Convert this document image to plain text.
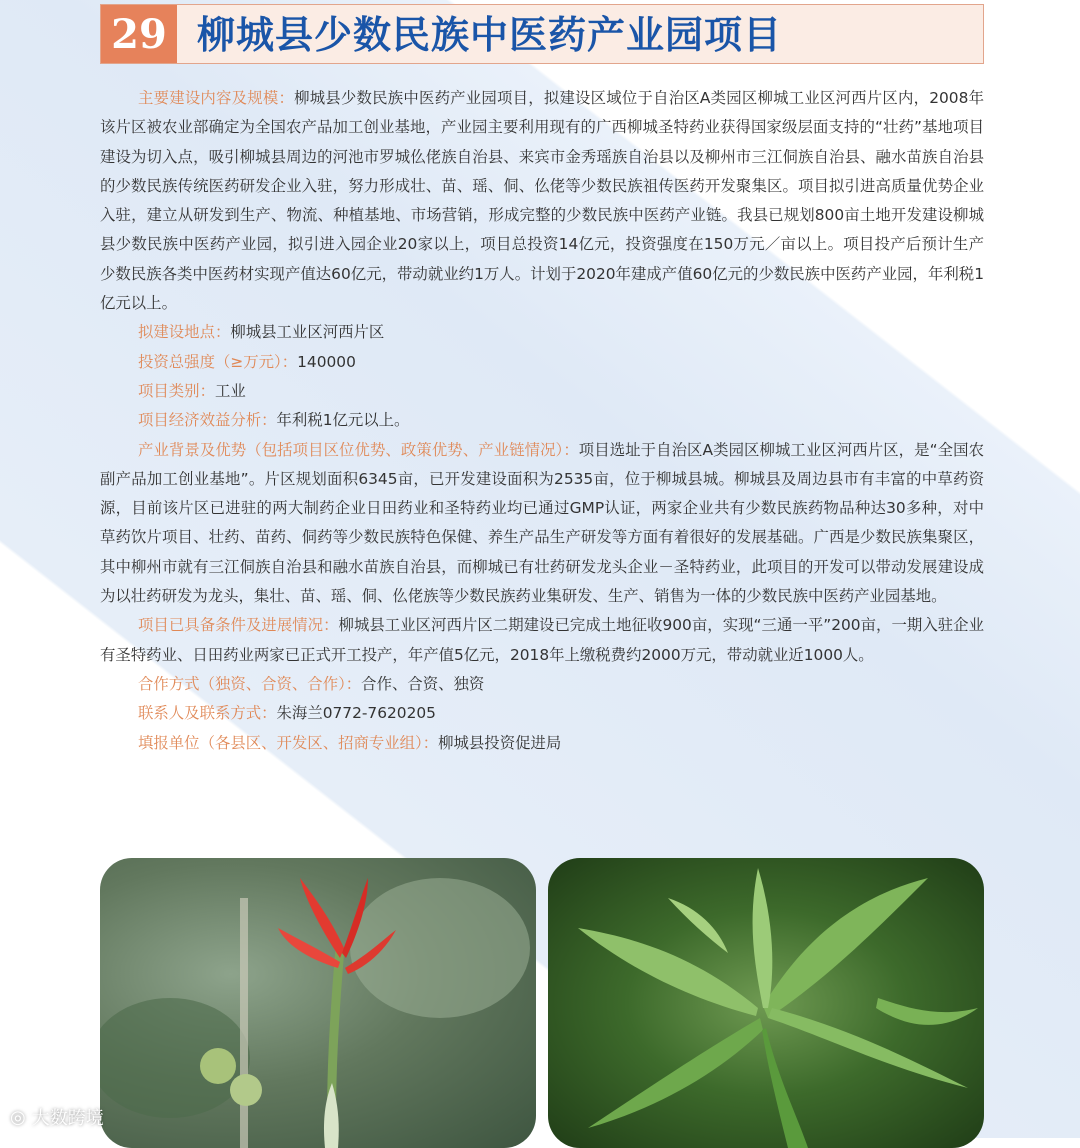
29 柳城县少数民族中医药产业园项目

主要建设内容及规模：柳城县少数民族中医药产业园项目，拟建设区域位于自治区A类园区柳城工业区河西片区内，2008年该片区被农业部确定为全国农产品加工创业基地，产业园主要利用现有的广西柳城圣特药业获得国家级层面支持的“壮药”基地项目建设为切入点，吸引柳城县周边的河池市罗城仫佬族自治县、来宾市金秀瑶族自治县以及柳州市三江侗族自治县、融水苗族自治县的少数民族传统医药研发企业入驻，努力形成壮、苗、瑶、侗、仫佬等少数民族祖传医药开发聚集区。项目拟引进高质量优势企业入驻，建立从研发到生产、物流、种植基地、市场营销，形成完整的少数民族中医药产业链。我县已规划800亩土地开发建设柳城县少数民族中医药产业园，拟引进入园企业20家以上，项目总投资14亿元，投资强度在150万元／亩以上。项目投产后预计生产少数民族各类中医药材实现产值达60亿元，带动就业约1万人。计划于2020年建成产值60亿元的少数民族中医药产业园，年利税1亿元以上。

拟建设地点：柳城县工业区河西片区

投资总强度（≥万元）：140000

项目类别：工业

项目经济效益分析：年利税1亿元以上。

产业背景及优势（包括项目区位优势、政策优势、产业链情况）：项目选址于自治区A类园区柳城工业区河西片区，是“全国农副产品加工创业基地”。片区规划面积6345亩，已开发建设面积为2535亩，位于柳城县城。柳城县及周边县市有丰富的中草药资源，目前该片区已进驻的两大制药企业日田药业和圣特药业均已通过GMP认证，两家企业共有少数民族药物品种达30多种，对中草药饮片项目、壮药、苗药、侗药等少数民族特色保健、养生产品生产研发等方面有着很好的发展基础。广西是少数民族集聚区，其中柳州市就有三江侗族自治县和融水苗族自治县，而柳城已有壮药研发龙头企业－圣特药业，此项目的开发可以带动发展建设成为以壮药研发为龙头，集壮、苗、瑶、侗、仫佬族等少数民族药业集研发、生产、销售为一体的少数民族中医药产业园基地。

项目已具备条件及进展情况：柳城县工业区河西片区二期建设已完成土地征收900亩，实现“三通一平”200亩，一期入驻企业有圣特药业、日田药业两家已正式开工投产，年产值5亿元，2018年上缴税费约2000万元，带动就业近1000人。

合作方式（独资、合资、合作）：合作、合资、独资

联系人及联系方式：朱海兰0772-7620205

填报单位（各县区、开发区、招商专业组）：柳城县投资促进局

◎ 大数跨境
